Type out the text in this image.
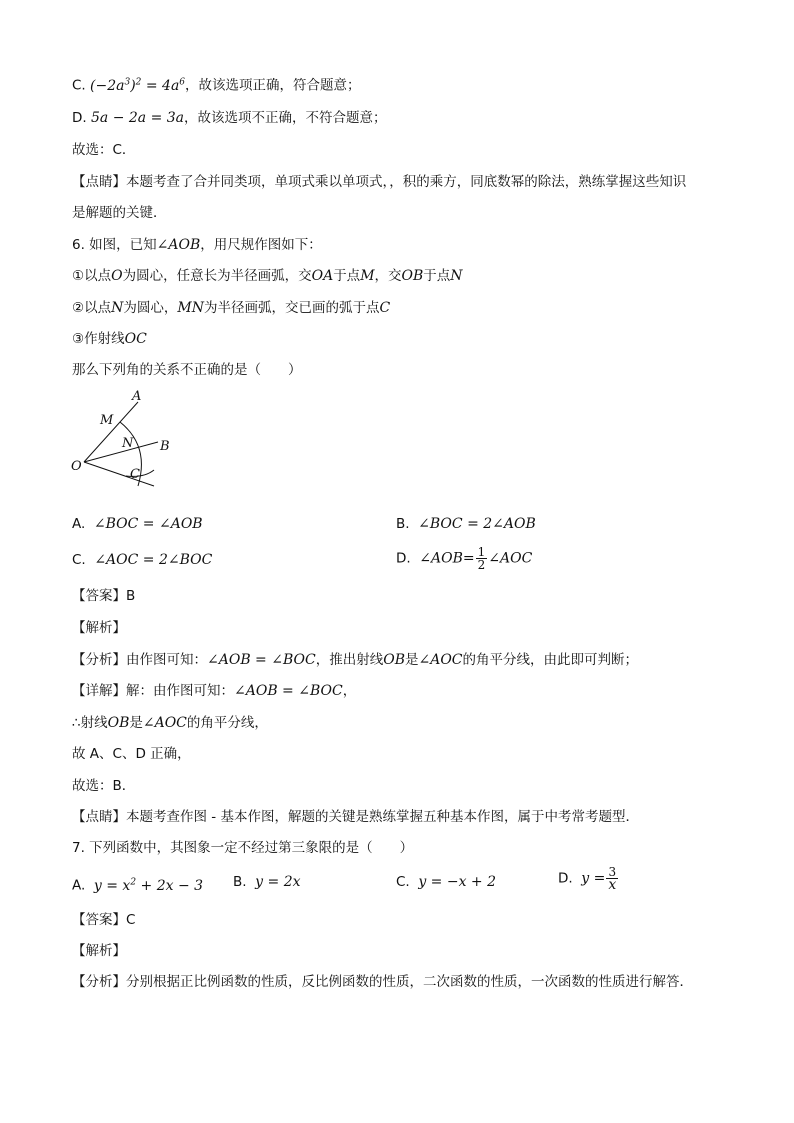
C. $(-2a^3)^2 = 4a^6$，故该选项正确，符合题意；
D. 5a − 2a = 3a，故该选项不正确，不符合题意；
故选：C．
【点睛】本题考查了合并同类项，单项式乘以单项式，，积的乘方，同底数幂的除法，熟练掌握这些知识
是解题的关键．
6. 如图，已知∠AOB，用尺规作图如下：
①以点O为圆心，任意长为半径画弧，交OA于点M，交OB于点N
②以点N为圆心，MN为半径画弧，交已画的弧于点C
③作射线OC
那么下列角的关系不正确的是（　　）
A
M
N B
O
C
A. ∠BOC = ∠AOB	B. ∠BOC = 2∠AOB
C. ∠AOC = 2∠BOC	D. ∠AOB= $\frac{1}{2}$ ∠AOC
【答案】B
【解析】
【分析】由作图可知：∠AOB = ∠BOC，推出射线OB是∠AOC的角平分线，由此即可判断；
【详解】解：由作图可知：∠AOB = ∠BOC，
∴射线OB是∠AOC的角平分线，
故 A、C、D 正确，
故选：B．
【点睛】本题考查作图 - 基本作图，解题的关键是熟练掌握五种基本作图，属于中考常考题型．
7. 下列函数中，其图象一定不经过第三象限的是（　　）
A. $y = x^2 + 2x - 3$ B. y = 2x	C. y = −x + 2	D. $y = \frac{3}{x}$
【答案】C
【解析】
【分析】分别根据正比例函数的性质，反比例函数的性质，二次函数的性质，一次函数的性质进行解答．
